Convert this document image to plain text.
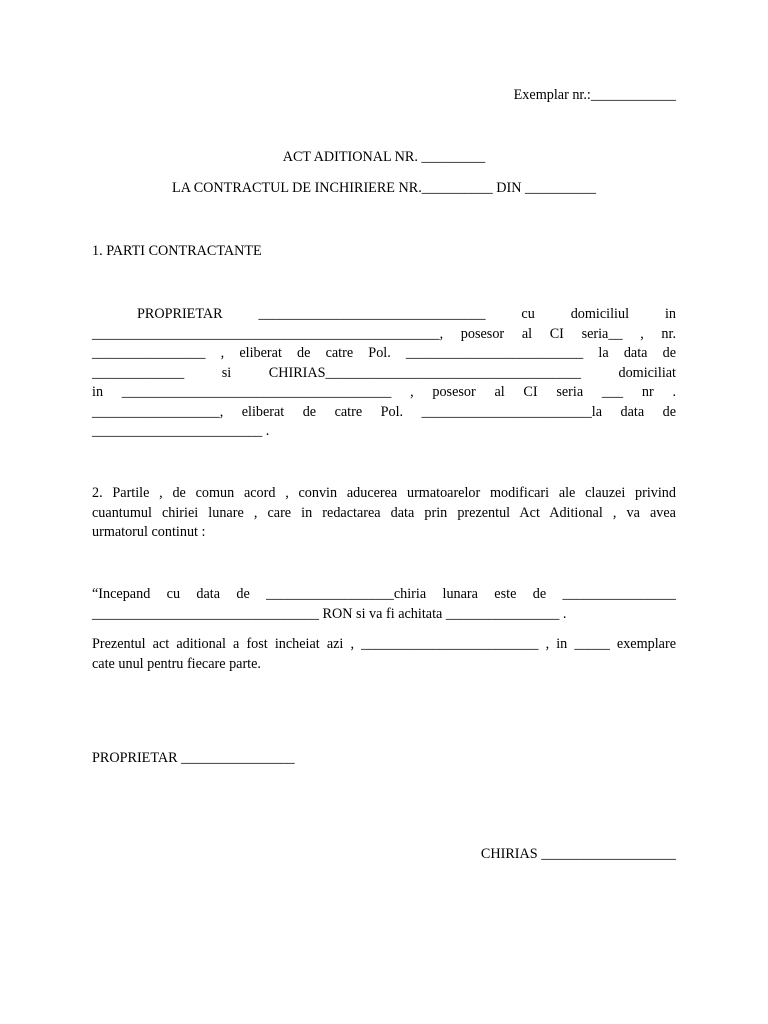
Exemplar nr.:____________
ACT ADITIONAL NR. _________
LA CONTRACTUL DE INCHIRIERE NR.__________ DIN __________
1. PARTI CONTRACTANTE
PROPRIETAR ________________________________ cu domiciliul in
_________________________________________________, posesor al CI seria__ , nr.
________________ , eliberat de catre Pol. _________________________ la data de
_____________ si CHIRIAS____________________________________ domiciliat
in ______________________________________ , posesor al CI seria ___ nr .
__________________, eliberat de catre Pol. ________________________la data de
________________________ .
2. Partile , de comun acord , convin aducerea urmatoarelor modificari ale clauzei privind
cuantumul chiriei lunare , care in redactarea data prin prezentul Act Aditional , va avea
urmatorul continut :
“Incepand cu data de __________________chiria lunara este de ________________
________________________________ RON si va fi achitata ________________ .
Prezentul act aditional a fost incheiat azi , _________________________ , in _____ exemplare
cate unul pentru fiecare parte.
PROPRIETAR ________________
CHIRIAS ___________________
